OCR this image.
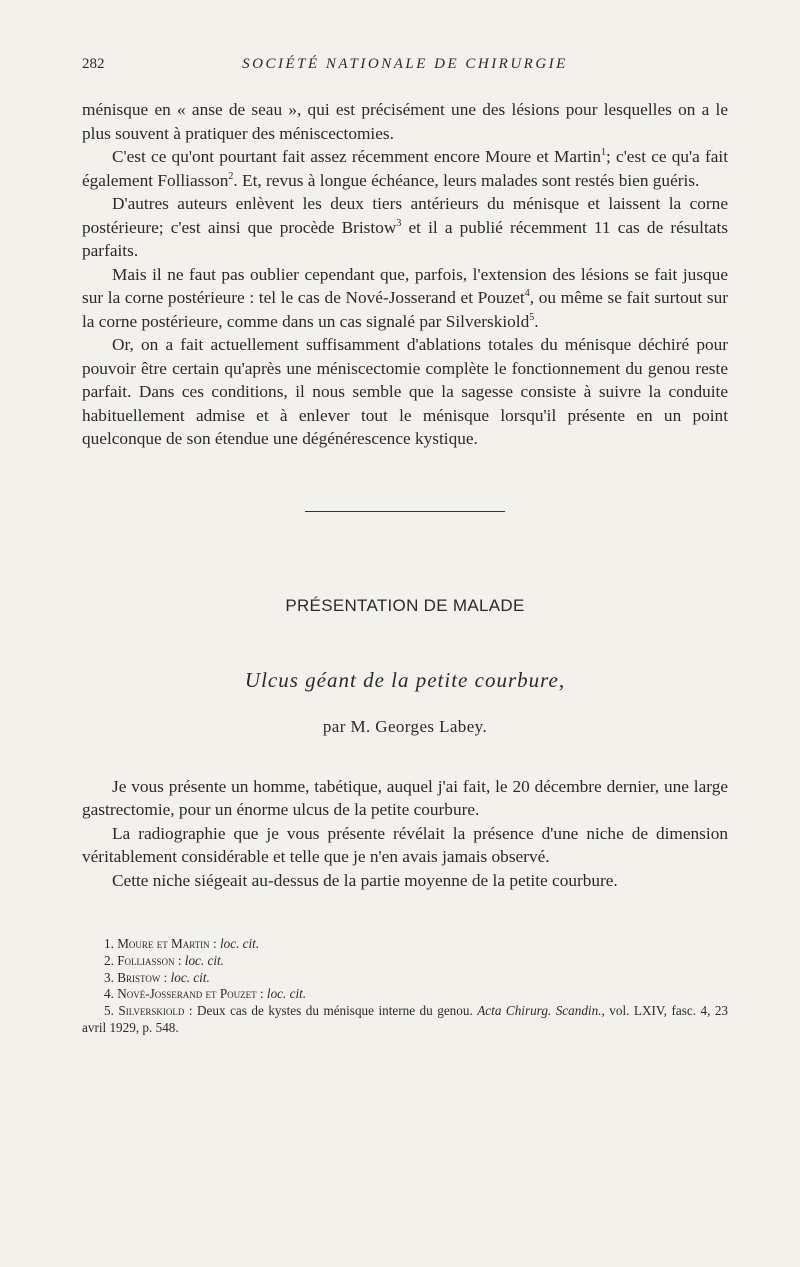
282	SOCIÉTÉ NATIONALE DE CHIRURGIE

ménisque en « anse de seau », qui est précisément une des lésions pour lesquelles on a le plus souvent à pratiquer des méniscectomies.

C'est ce qu'ont pourtant fait assez récemment encore Moure et Martin$^1$; c'est ce qu'a fait également Folliasson$^2$. Et, revus à longue échéance, leurs malades sont restés bien guéris.

D'autres auteurs enlèvent les deux tiers antérieurs du ménisque et laissent la corne postérieure; c'est ainsi que procède Bristow$^3$ et il a publié récemment 11 cas de résultats parfaits.

Mais il ne faut pas oublier cependant que, parfois, l'extension des lésions se fait jusque sur la corne postérieure : tel le cas de Nové-Josserand et Pouzet$^4$, ou même se fait surtout sur la corne postérieure, comme dans un cas signalé par Silverskiold$^5$.

Or, on a fait actuellement suffisamment d'ablations totales du ménisque déchiré pour pouvoir être certain qu'après une méniscectomie complète le fonctionnement du genou reste parfait. Dans ces conditions, il nous semble que la sagesse consiste à suivre la conduite habituellement admise et à enlever tout le ménisque lorsqu'il présente en un point quelconque de son étendue une dégénérescence kystique.

PRÉSENTATION DE MALADE
Ulcus géant de la petite courbure,
par M. Georges Labey.

Je vous présente un homme, tabétique, auquel j'ai fait, le 20 décembre dernier, une large gastrectomie, pour un énorme ulcus de la petite courbure.

La radiographie que je vous présente révélait la présence d'une niche de dimension véritablement considérable et telle que je n'en avais jamais observé.

Cette niche siégeait au-dessus de la partie moyenne de la petite courbure.

1. Moure et Martin : loc. cit.
2. Folliasson : loc. cit.
3. Bristow : loc. cit.
4. Nové-Josserand et Pouzet : loc. cit.
5. Silverskiold : Deux cas de kystes du ménisque interne du genou. Acta Chirurg. Scandin., vol. LXIV, fasc. 4, 23 avril 1929, p. 548.
